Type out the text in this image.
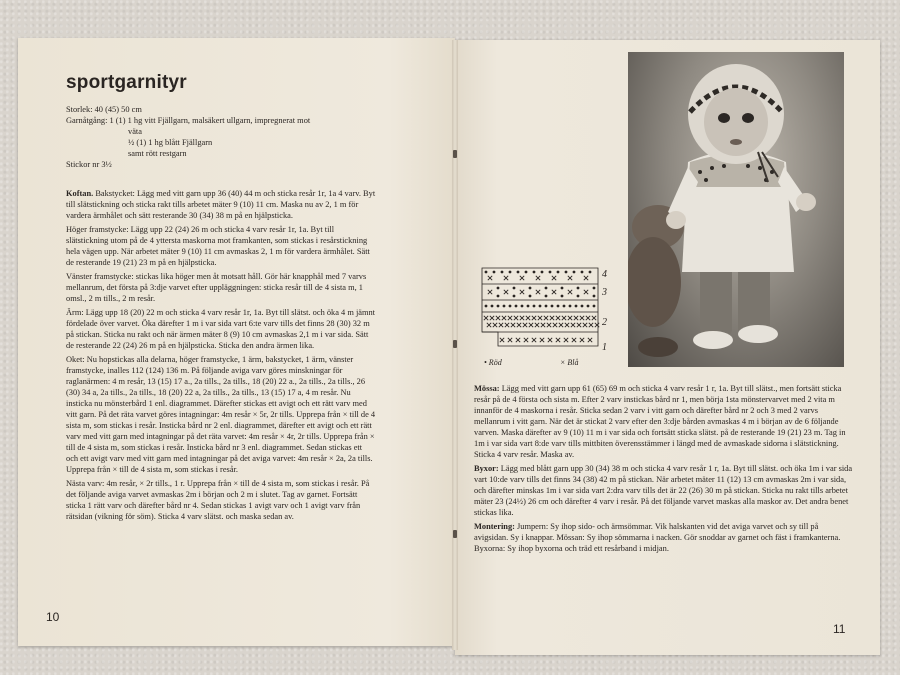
sportgarnityr
Storlek: 40 (45) 50 cm
Garnåtgång: 1 (1) 1 hg vitt Fjällgarn, malsäkert ullgarn, impregnerat mot
väta
½ (1) 1 hg blått Fjällgarn
samt rött restgarn
Stickor nr 3½

Koftan. Bakstycket: Lägg med vitt garn upp 36 (40) 44 m och sticka resår 1r, 1a 4 varv. Byt till slätstickning och sticka rakt tills arbetet mäter 9 (10) 11 cm. Maska nu av 2, 1 m för vardera ärmhålet och sätt resterande 30 (34) 38 m på en hjälpsticka.

Höger framstycke: Lägg upp 22 (24) 26 m och sticka 4 varv resår 1r, 1a. Byt till slätstickning utom på de 4 yttersta maskorna mot framkanten, som stickas i resårstickning hela vägen upp. När arbetet mäter 9 (10) 11 cm avmaskas 2, 1 m för vardera ärmhålet. Sätt de resterande 19 (21) 23 m på en hjälpsticka.

Vänster framstycke: stickas lika höger men åt motsatt håll. Gör här knapphål med 7 varvs mellanrum, det första på 3:dje varvet efter uppläggningen: sticka resår till de 4 sista m, 1 omsl., 2 m tills., 2 m resår.

Ärm: Lägg upp 18 (20) 22 m och sticka 4 varv resår 1r, 1a. Byt till slätst. och öka 4 m jämnt fördelade över varvet. Öka därefter 1 m i var sida vart 6:te varv tills det finns 28 (30) 32 m på stickan. Sticka nu rakt och när ärmen mäter 8 (9) 10 cm avmaskas 2,1 m i var sida. Sätt de resterande 22 (24) 26 m på en hjälpsticka. Sticka den andra ärmen lika.

Oket: Nu hopstickas alla delarna, höger framstycke, 1 ärm, bakstycket, 1 ärm, vänster framstycke, inalles 112 (124) 136 m. På följande aviga varv göres minskningar för raglanärmen: 4 m resår, 13 (15) 17 a., 2a tills., 2a tills., 18 (20) 22 a., 2a tills., 2a tills., 26 (30) 34 a, 2a tills., 2a tills., 18 (20) 22 a, 2a tills., 2a tills., 13 (15) 17 a, 4 m resår. Nu insticka nu mönsterbård 1 enl. diagrammet. Därefter stickas ett avigt och ett rätt varv med vitt garn. På det räta varvet göres intagningar: 4m resår × 5r, 2r tills. Upprepa från × till de 4 sista m, som stickas i resår. Insticka bård nr 2 enl. diagrammet, därefter ett avigt och ett rätt varv med vitt garn med intagningar på det räta varvet: 4m resår × 4r, 2r tills. Upprepa från × till de 4 sista m, som stickas i resår. Insticka bård nr 3 enl. diagrammet. Sedan stickas ett och ett avigt varv med vitt garn med intagningar på det aviga varvet: 4m resår × 2a, 2a tills. Upprepa från × till de 4 sista m, som stickas i resår.

Nästa varv: 4m resår, × 2r tills., 1 r. Upprepa från × till de 4 sista m, som stickas i resår. På det följande aviga varvet avmaskas 2m i början och 2 m i slutet. Tag av garnet. Fortsätt sticka 1 rätt varv och därefter bård nr 4. Sedan stickas 1 avigt varv och 1 avigt varv från rätsidan (vikning för söm). Sticka 4 varv slätst. och maska sedan av.

10
4
3
2
1
• Röd	× Blå

Mössa: Lägg med vitt garn upp 61 (65) 69 m och sticka 4 varv resår 1 r, 1a. Byt till slätst., men fortsätt sticka resår på de 4 första och sista m. Efter 2 varv instickas bård nr 1, men börja 1sta mönstervarvet med 2 vita m innanför de 4 maskorna i resår. Sticka sedan 2 varv i vitt garn och därefter bård nr 2 och 3 med 2 varvs mellanrum i vitt garn. När det är stickat 2 varv efter den 3:dje bården avmaskas 4 m i början av de 6 följande varven. Maska därefter av 9 (10) 11 m i var sida och fortsätt sticka slätst. på de resterande 19 (21) 23 m. Tag in 1m i var sida vart 8:de varv tills mittbiten överensstämmer i längd med de avmaskade sidorna i slätstickning. Sticka 4 varv resår. Maska av.

Byxor: Lägg med blått garn upp 30 (34) 38 m och sticka 4 varv resår 1 r, 1a. Byt till slätst. och öka 1m i var sida vart 10:de varv tills det finns 34 (38) 42 m på stickan. När arbetet mäter 11 (12) 13 cm avmaskas 2m i var sida, och därefter minskas 1m i var sida vart 2:dra varv tills det är 22 (26) 30 m på stickan. Sticka nu rakt tills arbetet mäter 23 (24½) 26 cm och därefter 4 varv i resår. På det följande varvet maskas alla maskor av. Det andra benet stickas lika.

Montering: Jumpern: Sy ihop sido- och ärmsömmar. Vik halskanten vid det aviga varvet och sy till på avigsidan. Sy i knappar. Mössan: Sy ihop sömmarna i nacken. Gör snoddar av garnet och fäst i framkanterna. Byxorna: Sy ihop byxorna och träd ett resårband i midjan.

11
